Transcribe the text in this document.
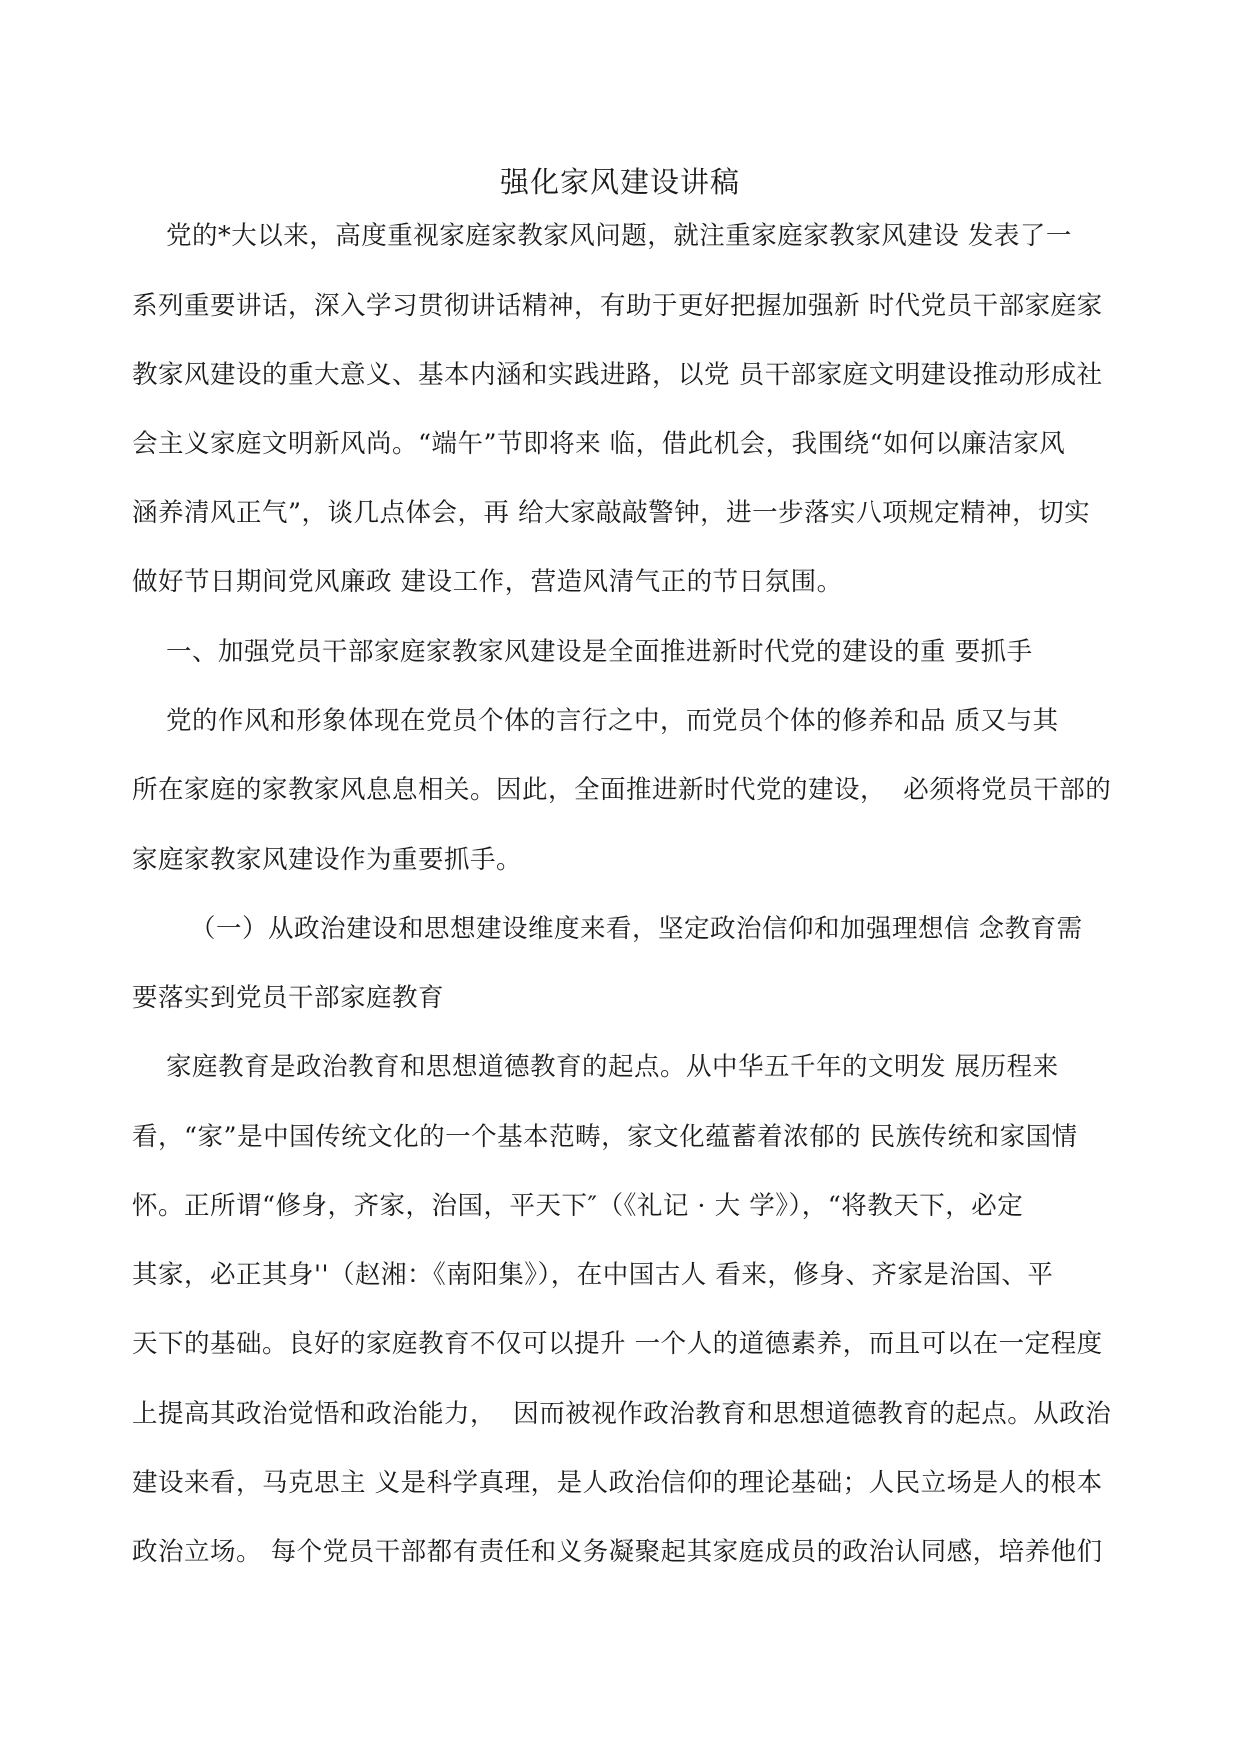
强化家风建设讲稿
党的*大以来，高度重视家庭家教家风问题，就注重家庭家教家风建设 发表了一
系列重要讲话，深入学习贯彻讲话精神，有助于更好把握加强新 时代党员干部家庭家
教家风建设的重大意义、基本内涵和实践进路，以党 员干部家庭文明建设推动形成社
会主义家庭文明新风尚。“端午”节即将来 临，借此机会，我围绕“如何以廉洁家风
涵养清风正气”，谈几点体会，再 给大家敲敲警钟，进一步落实八项规定精神，切实
做好节日期间党风廉政 建设工作，营造风清气正的节日氛围。
一、加强党员干部家庭家教家风建设是全面推进新时代党的建设的重 要抓手
党的作风和形象体现在党员个体的言行之中，而党员个体的修养和品 质又与其
所在家庭的家教家风息息相关。因此，全面推进新时代党的建设，  必须将党员干部的
家庭家教家风建设作为重要抓手。
（一）从政治建设和思想建设维度来看，坚定政治信仰和加强理想信 念教育需
要落实到党员干部家庭教育
家庭教育是政治教育和思想道德教育的起点。从中华五千年的文明发 展历程来
看，“家”是中国传统文化的一个基本范畴，家文化蕴蓄着浓郁的 民族传统和家国情
怀。正所谓“修身，齐家，治国，平天下″（《礼记 · 大 学》），“将教天下，必定
其家，必正其身''（赵湘：《南阳集》），在中国古人 看来，修身、齐家是治国、平
天下的基础。良好的家庭教育不仅可以提升 一个人的道德素养，而且可以在一定程度
上提高其政治觉悟和政治能力，  因而被视作政治教育和思想道德教育的起点。从政治
建设来看，马克思主 义是科学真理，是人政治信仰的理论基础；人民立场是人的根本
政治立场。 每个党员干部都有责任和义务凝聚起其家庭成员的政治认同感，培养他们
